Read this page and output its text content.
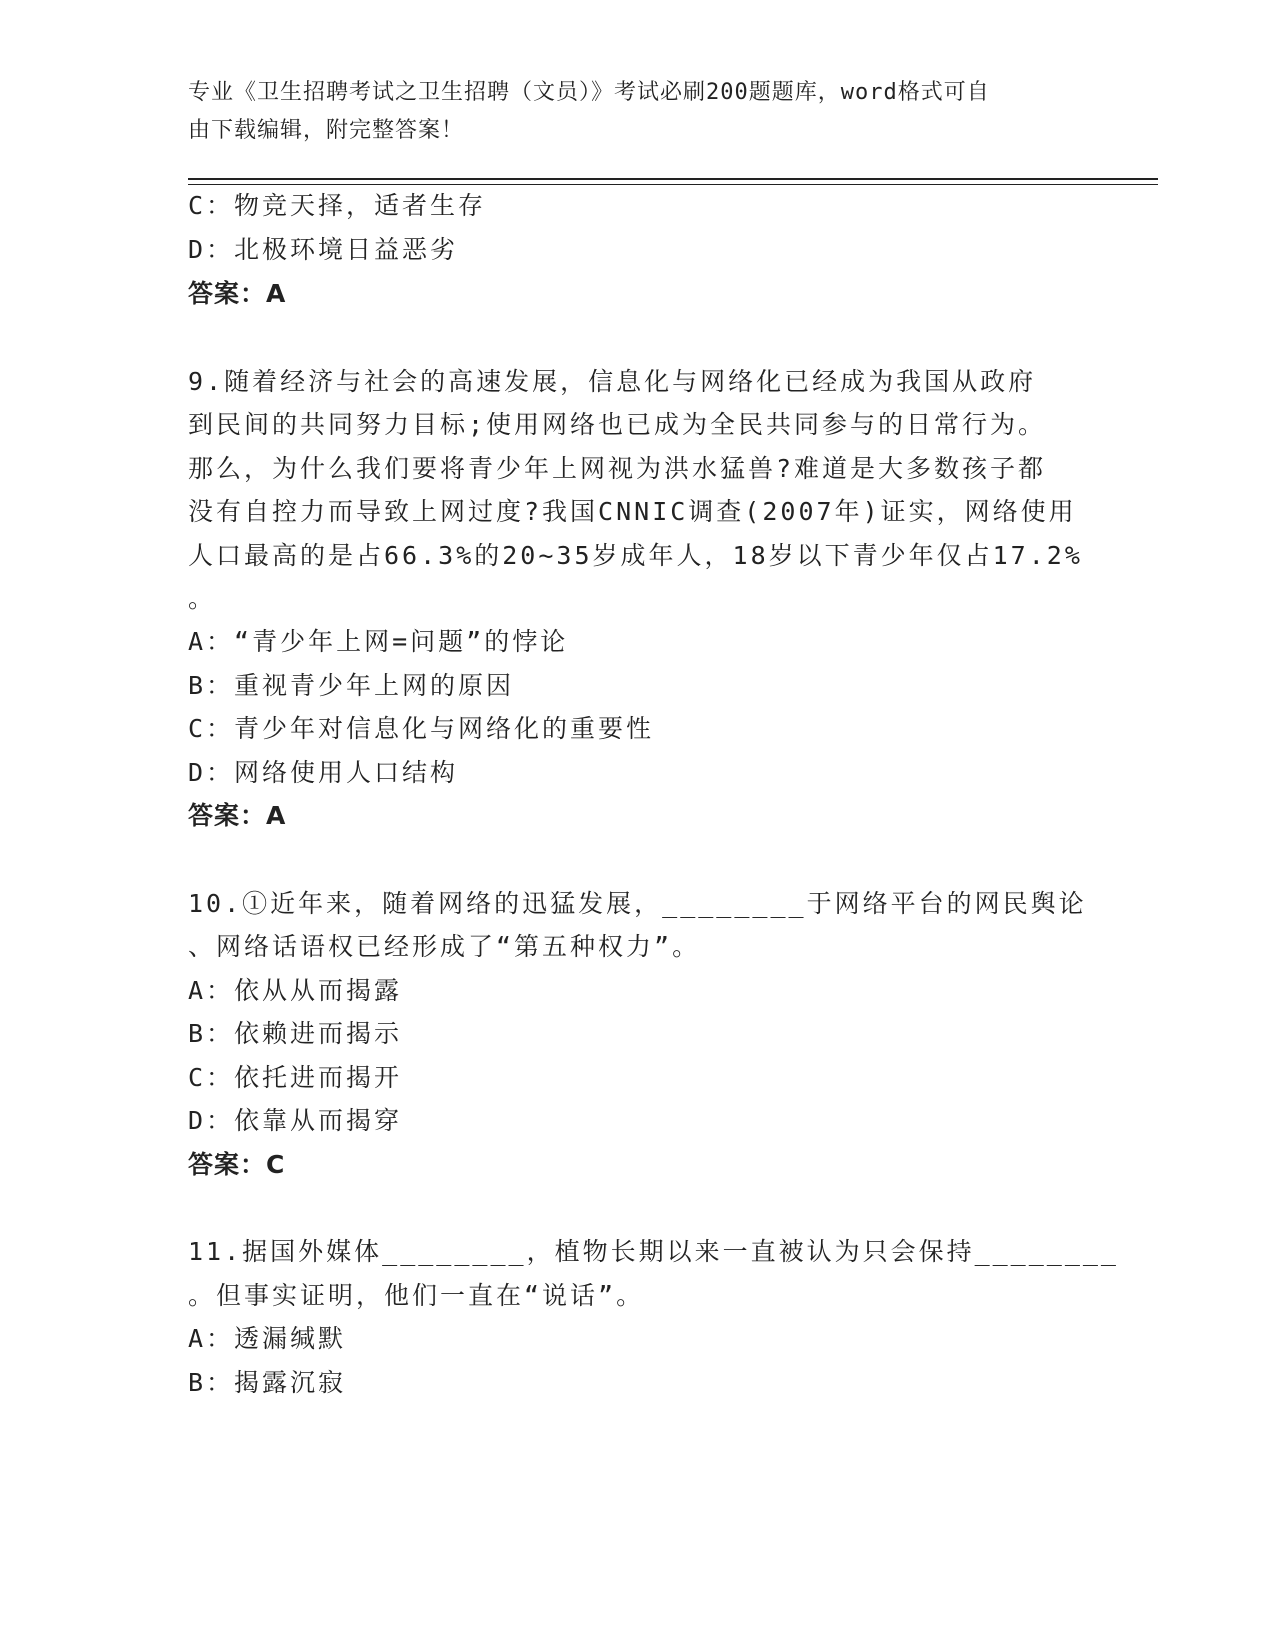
专业《卫生招聘考试之卫生招聘（文员）》考试必刷200题题库，word格式可自
由下载编辑，附完整答案！
C：物竞天择，适者生存
D：北极环境日益恶劣
答案：A
9.随着经济与社会的高速发展，信息化与网络化已经成为我国从政府
到民间的共同努力目标;使用网络也已成为全民共同参与的日常行为。
那么，为什么我们要将青少年上网视为洪水猛兽?难道是大多数孩子都
没有自控力而导致上网过度?我国CNNIC调查(2007年)证实，网络使用
人口最高的是占66.3%的20~35岁成年人，18岁以下青少年仅占17.2%
。
A：“青少年上网=问题”的悖论
B：重视青少年上网的原因
C：青少年对信息化与网络化的重要性
D：网络使用人口结构
答案：A
10.①近年来，随着网络的迅猛发展，________于网络平台的网民舆论
、网络话语权已经形成了“第五种权力”。
A：依从从而揭露
B：依赖进而揭示
C：依托进而揭开
D：依靠从而揭穿
答案：C
11.据国外媒体________，植物长期以来一直被认为只会保持________
。但事实证明，他们一直在“说话”。
A：透漏缄默
B：揭露沉寂
